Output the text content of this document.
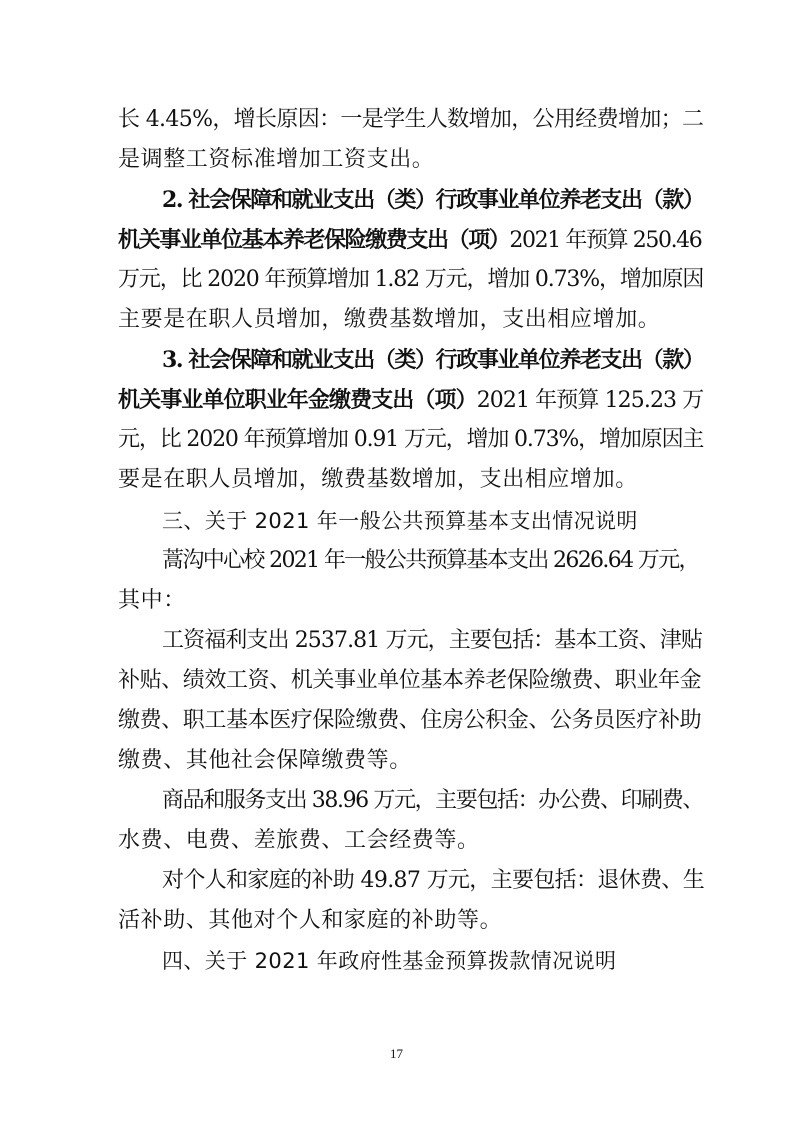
长 4.45%，增长原因：一是学生人数增加，公用经费增加；二

是调整工资标准增加工资支出。

2. 社会保障和就业支出（类）行政事业单位养老支出（款）

机关事业单位基本养老保险缴费支出（项）2021 年预算 250.46

万元，比 2020 年预算增加 1.82 万元，增加 0.73%，增加原因

主要是在职人员增加，缴费基数增加，支出相应增加。

3. 社会保障和就业支出（类）行政事业单位养老支出（款）

机关事业单位职业年金缴费支出（项）2021 年预算 125.23 万

元，比 2020 年预算增加 0.91 万元，增加 0.73%，增加原因主

要是在职人员增加，缴费基数增加，支出相应增加。

三、关于 2021 年一般公共预算基本支出情况说明

蒿沟中心校 2021 年一般公共预算基本支出 2626.64 万元，

其中：

工资福利支出 2537.81 万元，主要包括：基本工资、津贴

补贴、绩效工资、机关事业单位基本养老保险缴费、职业年金

缴费、职工基本医疗保险缴费、住房公积金、公务员医疗补助

缴费、其他社会保障缴费等。

商品和服务支出 38.96 万元，主要包括：办公费、印刷费、

水费、电费、差旅费、工会经费等。

对个人和家庭的补助 49.87 万元，主要包括：退休费、生

活补助、其他对个人和家庭的补助等。

四、关于 2021 年政府性基金预算拨款情况说明

17
